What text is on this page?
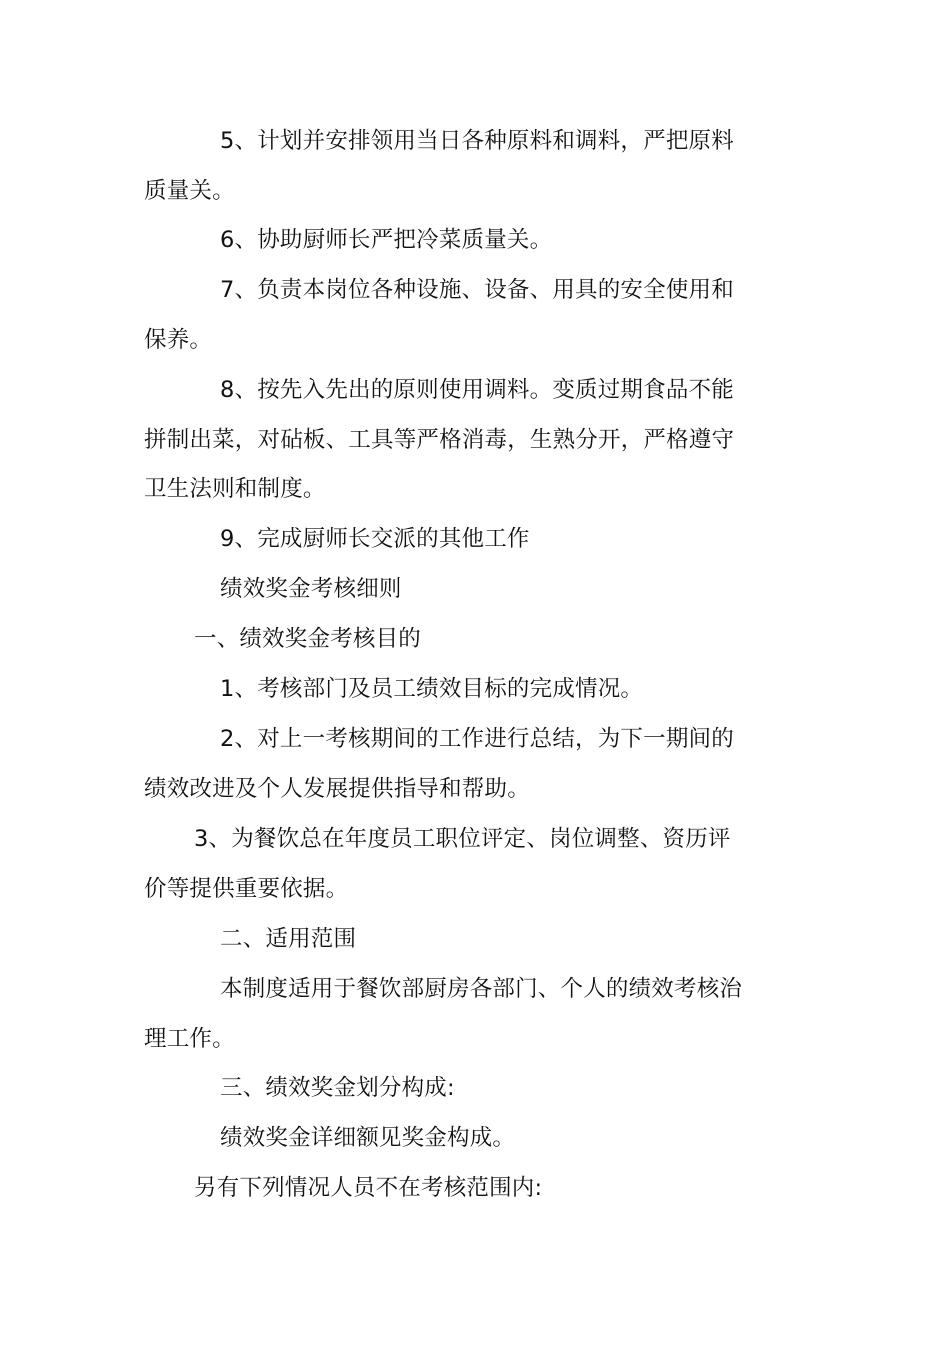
5、计划并安排领用当日各种原料和调料，严把原料质量关。

6、协助厨师长严把冷菜质量关。

7、负责本岗位各种设施、设备、用具的安全使用和保养。

8、按先入先出的原则使用调料。变质过期食品不能拼制出菜，对砧板、工具等严格消毒，生熟分开，严格遵守卫生法则和制度。

9、完成厨师长交派的其他工作

绩效奖金考核细则

一、绩效奖金考核目的

1、考核部门及员工绩效目标的完成情况。

2、对上一考核期间的工作进行总结，为下一期间的绩效改进及个人发展提供指导和帮助。

3、为餐饮总在年度员工职位评定、岗位调整、资历评价等提供重要依据。

二、适用范围

本制度适用于餐饮部厨房各部门、个人的绩效考核治理工作。

三、绩效奖金划分构成:

绩效奖金详细额见奖金构成。

另有下列情况人员不在考核范围内:
